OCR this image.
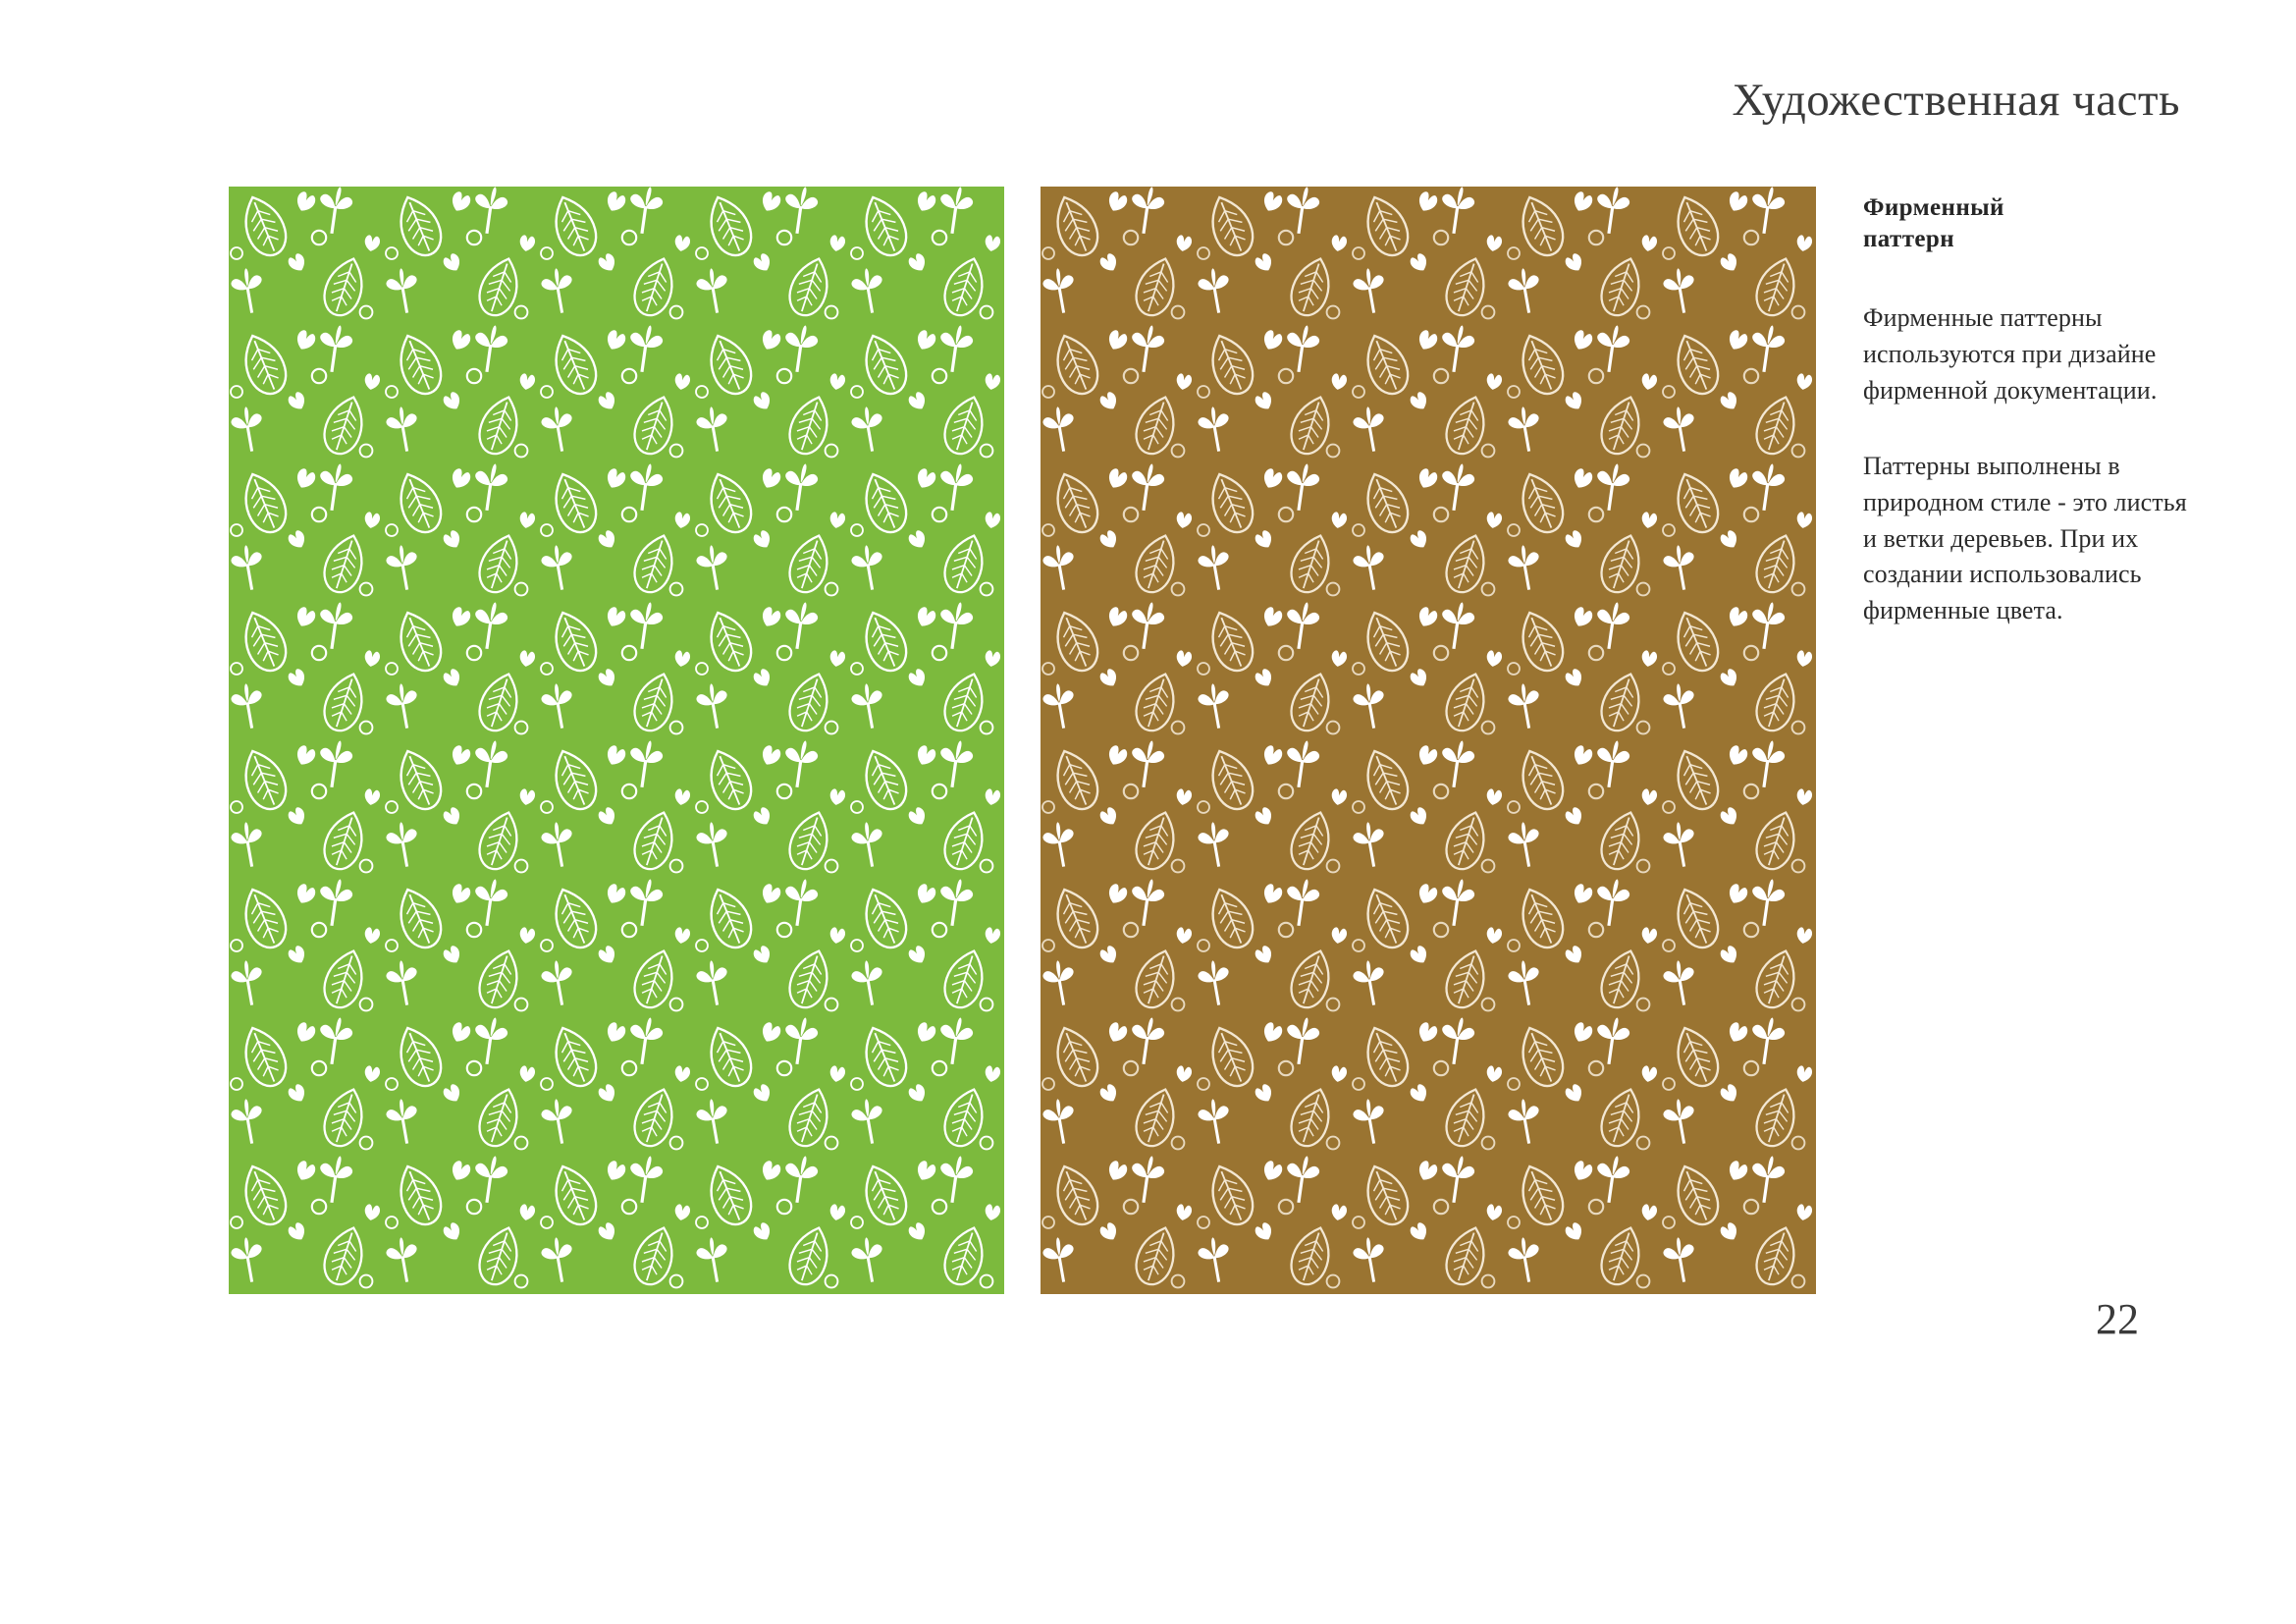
Художественная часть
Фирменный
паттерн
Фирменные паттерны используются при дизайне фирменной документации.
Паттерны выполнены в природном стиле - это листья и ветки деревьев. При их создании использовались фирменные цвета.
22
